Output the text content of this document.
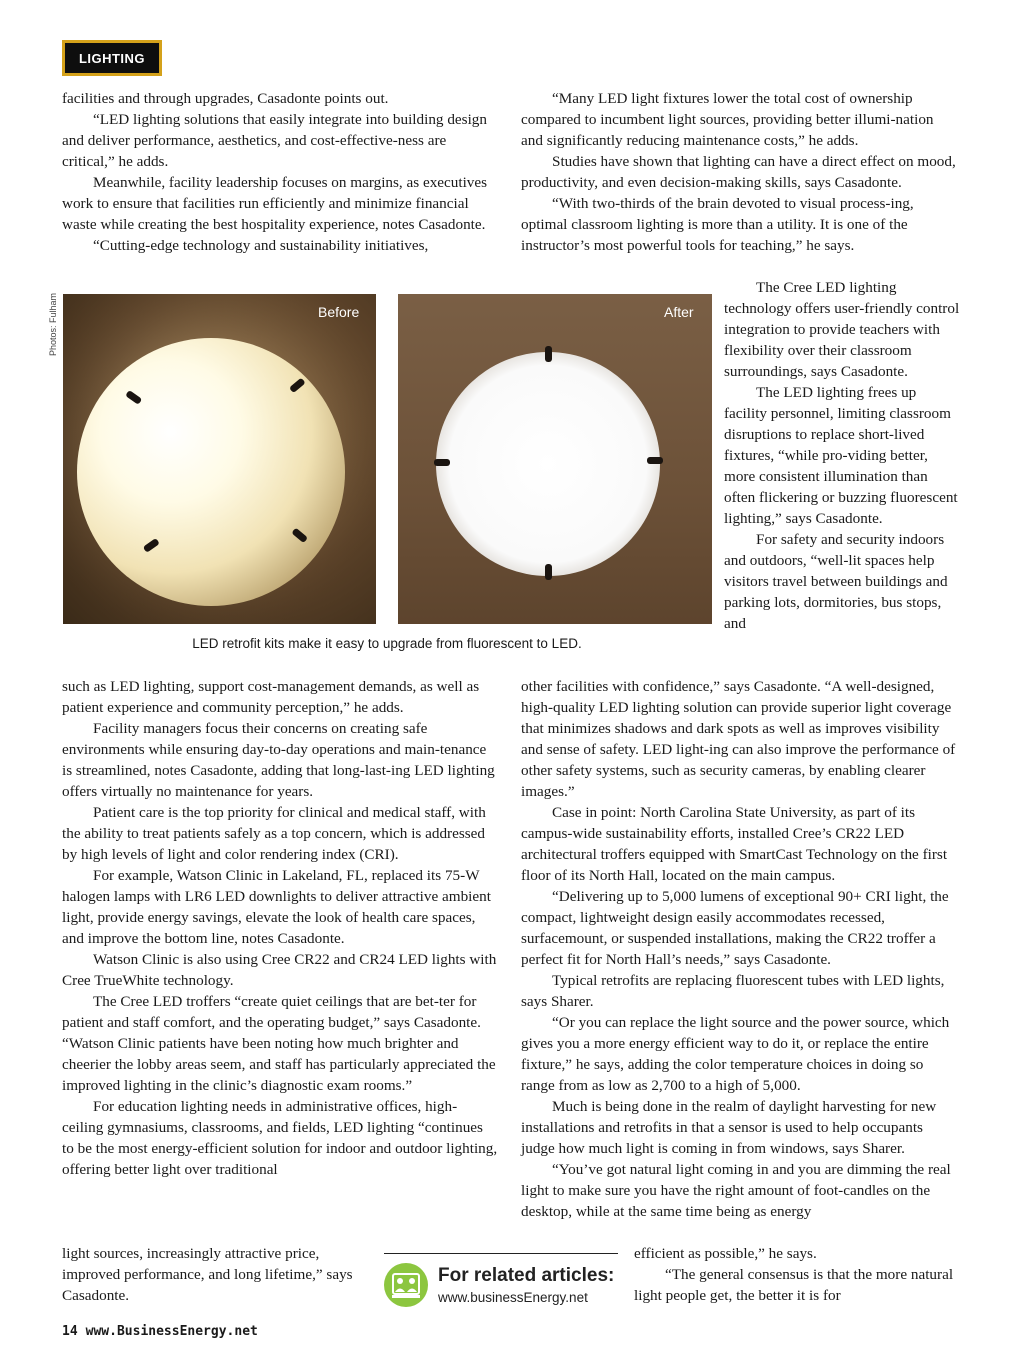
LIGHTING
Photos: Fulham

facilities and through upgrades, Casadonte points out.

“LED lighting solutions that easily integrate into building design and deliver performance, aesthetics, and cost-effective-ness are critical,” he adds.

Meanwhile, facility leadership focuses on margins, as executives work to ensure that facilities run efficiently and minimize financial waste while creating the best hospitality experience, notes Casadonte.

“Cutting-edge technology and sustainability initiatives,

“Many LED light fixtures lower the total cost of ownership compared to incumbent light sources, providing better illumi-nation and significantly reducing maintenance costs,” he adds.

Studies have shown that lighting can have a direct effect on mood, productivity, and even decision-making skills, says Casadonte.

“With two-thirds of the brain devoted to visual process-ing, optimal classroom lighting is more than a utility. It is one of the instructor’s most powerful tools for teaching,” he says.

The Cree LED lighting technology offers user-friendly control integration to provide teachers with flexibility over their classroom surroundings, says Casadonte.

The LED lighting frees up facility personnel, limiting classroom disruptions to replace short-lived fixtures, “while pro-viding better, more consistent illumination than often flickering or buzzing fluorescent lighting,” says Casadonte.

For safety and security indoors and outdoors, “well-lit spaces help visitors travel between buildings and parking lots, dormitories, bus stops, and

Before	After
LED retrofit kits make it easy to upgrade from fluorescent to LED.

such as LED lighting, support cost-management demands, as well as patient experience and community perception,” he adds.

Facility managers focus their concerns on creating safe environments while ensuring day-to-day operations and main-tenance is streamlined, notes Casadonte, adding that long-last-ing LED lighting offers virtually no maintenance for years.

Patient care is the top priority for clinical and medical staff, with the ability to treat patients safely as a top concern, which is addressed by high levels of light and color rendering index (CRI).

For example, Watson Clinic in Lakeland, FL, replaced its 75-W halogen lamps with LR6 LED downlights to deliver attractive ambient light, provide energy savings, elevate the look of health care spaces, and improve the bottom line, notes Casadonte.

Watson Clinic is also using Cree CR22 and CR24 LED lights with Cree TrueWhite technology.

The Cree LED troffers “create quiet ceilings that are bet-ter for patient and staff comfort, and the operating budget,” says Casadonte. “Watson Clinic patients have been noting how much brighter and cheerier the lobby areas seem, and staff has particularly appreciated the improved lighting in the clinic’s diagnostic exam rooms.”

For education lighting needs in administrative offices, high-ceiling gymnasiums, classrooms, and fields, LED lighting “continues to be the most energy-efficient solution for indoor and outdoor lighting, offering better light over traditional

light sources, increasingly attractive price, improved performance, and long lifetime,” says Casadonte.

other facilities with confidence,” says Casadonte. “A well-designed, high-quality LED lighting solution can provide superior light coverage that minimizes shadows and dark spots as well as improves visibility and sense of safety. LED light-ing can also improve the performance of other safety systems, such as security cameras, by enabling clearer images.”

Case in point: North Carolina State University, as part of its campus-wide sustainability efforts, installed Cree’s CR22 LED architectural troffers equipped with SmartCast Technology on the first floor of its North Hall, located on the main campus.

“Delivering up to 5,000 lumens of exceptional 90+ CRI light, the compact, lightweight design easily accommodates recessed, surfacemount, or suspended installations, making the CR22 troffer a perfect fit for North Hall’s needs,” says Casadonte.

Typical retrofits are replacing fluorescent tubes with LED lights, says Sharer.

“Or you can replace the light source and the power source, which gives you a more energy efficient way to do it, or replace the entire fixture,” he says, adding the color temperature choices in doing so range from as low as 2,700 to a high of 5,000.

Much is being done in the realm of daylight harvesting for new installations and retrofits in that a sensor is used to help occupants judge how much light is coming in from windows, says Sharer.

“You’ve got natural light coming in and you are dimming the real light to make sure you have the right amount of foot-candles on the desktop, while at the same time being as energy

efficient as possible,” he says.

“The general consensus is that the more natural light people get, the better it is for

For related articles:
www.businessEnergy.net
14 www.BusinessEnergy.net
